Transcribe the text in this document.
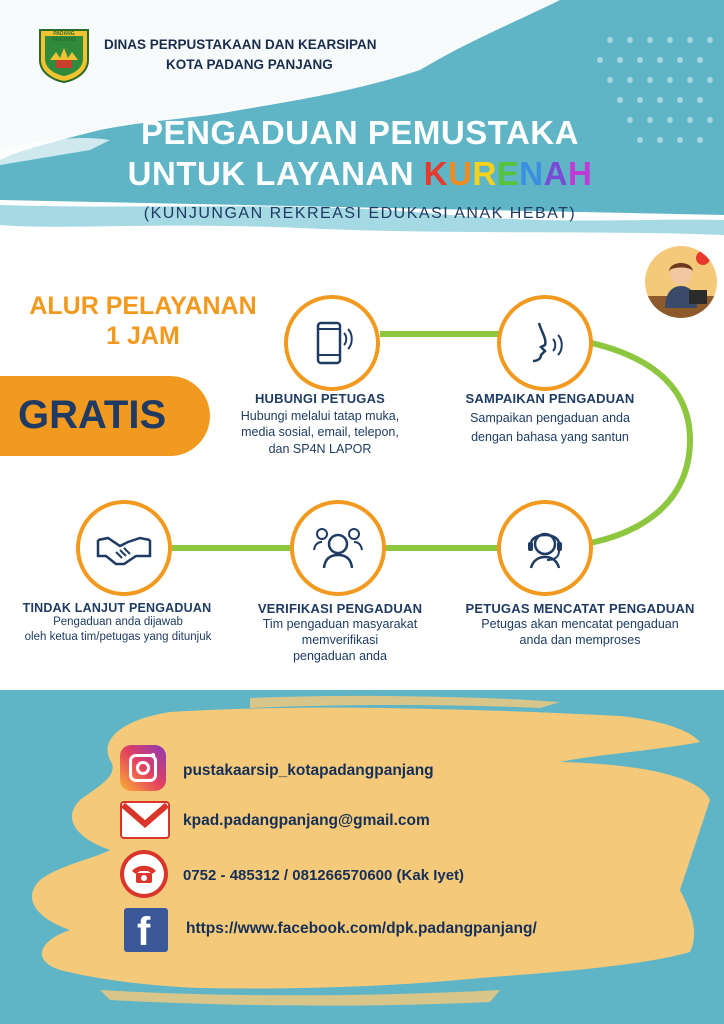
PADANG PANJANG	DINAS PERPUSTAKAAN DAN KEARSIPAN
KOTA PADANG PANJANG
PENGADUAN PEMUSTAKA
UNTUK LAYANAN KURENAH
(KUNJUNGAN REKREASI EDUKASI ANAK HEBAT)
ALUR PELAYANAN
1 JAM
GRATIS	HUBUNGI PETUGAS
Hubungi melalui tatap muka,
media sosial, email, telepon,
dan SP4N LAPOR
SAMPAIKAN PENGADUAN
Sampaikan pengaduan anda
dengan bahasa yang santun
PETUGAS MENCATAT PENGADUAN
Petugas akan mencatat pengaduan
anda dan memproses
VERIFIKASI PENGADUAN
Tim pengaduan masyarakat
memverifikasi
pengaduan anda
TINDAK LANJUT PENGADUAN
Pengaduan anda dijawab
oleh ketua tim/petugas yang ditunjuk
pustakaarsip_kotapadangpanjang
kpad.padangpanjang@gmail.com
0752 - 485312 / 081266570600 (Kak Iyet)
f https://www.facebook.com/dpk.padangpanjang/
